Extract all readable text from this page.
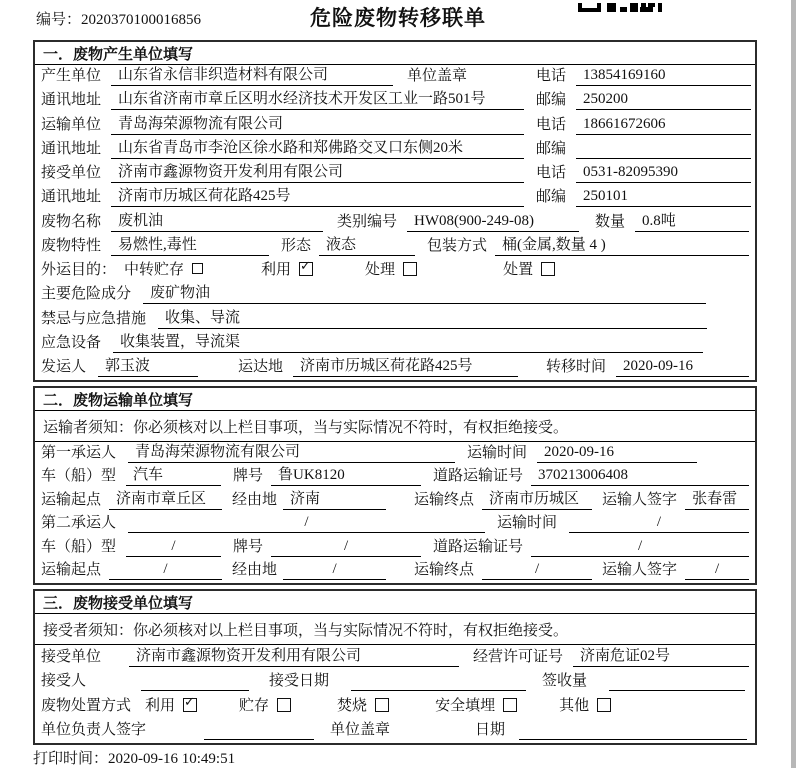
编号： 2020370100016856	危险废物转移联单
一．废物产生单位填写
产生单位	山东省永信非织造材料有限公司	单位盖章	电话	13854169160
通讯地址	山东省济南市章丘区明水经济技术开发区工业一路501号	邮编	250200
运输单位	青岛海荣源物流有限公司	电话	18661672606
通讯地址	山东省青岛市李沧区徐水路和郑佛路交叉口东侧20米	邮编
接受单位	济南市鑫源物资开发利用有限公司	电话	0531-82095390
通讯地址	济南市历城区荷花路425号	邮编	250101
废物名称	废机油	类别编号	HW08(900-249-08)	数量	0.8吨
废物特性	易燃性,毒性	形态	液态	包装方式	桶(金属,数量 4 )
外运目的： 中转贮存	利用 ✓	处理	处置
主要危险成分	废矿物油
禁忌与应急措施	收集、导流
应急设备	收集装置，导流渠
发运人	郭玉波	运达地	济南市历城区荷花路425号	转移时间	2020-09-16
二．废物运输单位填写
运输者须知：你必须核对以上栏目事项，当与实际情况不符时，有权拒绝接受。
第一承运人	青岛海荣源物流有限公司	运输时间	2020-09-16
车（船）型	汽车	牌号	鲁UK8120	道路运输证号	370213006408
运输起点	济南市章丘区	经由地 济南	运输终点	济南市历城区	运输人签字	张春雷
第二承运人	/	运输时间	/
车（船）型	/	牌号	/	道路运输证号	/
运输起点	/	经由地	/	运输终点	/	运输人签字	/
三．废物接受单位填写
接受者须知：你必须核对以上栏目事项，当与实际情况不符时，有权拒绝接受。
接受单位	济南市鑫源物资开发利用有限公司	经营许可证号	济南危证02号
接受人	接受日期	签收量
废物处置方式 利用 ✓	贮存	焚烧	安全填埋	其他
单位负责人签字	单位盖章	日期
打印时间： 2020-09-16 10:49:51
